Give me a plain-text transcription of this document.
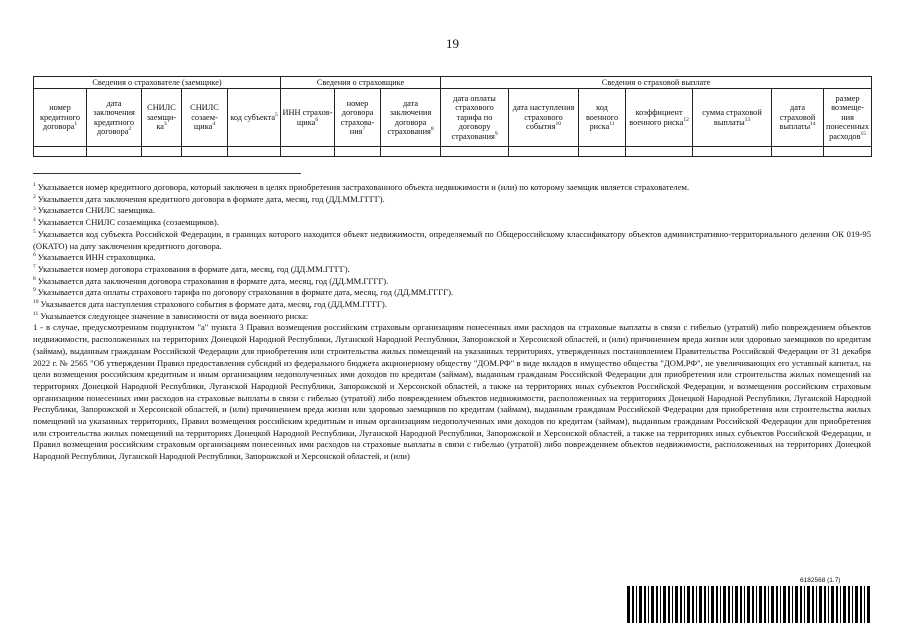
19
Сведения о страхователе (заемщике)					Сведения о страховщике			Сведения о страховой выплате						
номер кредитного договора$^1$	дата заключения кредитного договора$^2$	СНИЛС заемщи-$ка^3$	СНИЛС созаем-щика$^4$	код субъекта$^5$	ИНН страхов-щика$^6$	номер договора страхова-ния$^7$	дата заключения договора страхования$^8$	дата оплаты страхового тарифа по договору страхования$^9$	дата наступления страхового события$^{10}$	код военного риска$^{11}$	коэффициент военного риска$^{12}$	сумма страховой выплаты$^{13}$	дата страховой выплаты$^{14}$	размер возмеще-ния понесенных расходов$^{15}$

$^1$ Указывается номер кредитного договора, который заключен в целях приобретения застрахованного объекта недвижимости и (или) по которому заемщик является страхователем.

$^2$ Указывается дата заключения кредитного договора в формате дата, месяц, год (ДД.ММ.ГГГГ).

$^3$ Указывается СНИЛС заемщика.

$^4$ Указывается СНИЛС созаемщика (созаемщиков).

$^5$ Указывается код субъекта Российской Федерации, в границах которого находится объект недвижимости, определяемый по Общероссийскому классификатору объектов административно-территориального деления ОК 019-95 (ОКАТО) на дату заключения кредитного договора.

$^6$ Указывается ИНН страховщика.

$^7$ Указывается номер договора страхования в формате дата, месяц, год (ДД.ММ.ГГГГ).

$^8$ Указывается дата заключения договора страхования в формате дата, месяц, год (ДД.ММ.ГГГГ).

$^9$ Указывается дата оплаты страхового тарифа по договору страхования в формате дата, месяц, год (ДД.ММ.ГГГГ).

$^{10}$ Указывается дата наступления страхового события в формате дата, месяц, год (ДД.ММ.ГГГГ).

$^{11}$ Указывается следующее значение в зависимости от вида военного риска:

1 - в случае, предусмотренном подпунктом "а" пункта 3 Правил возмещения российским страховым организациям понесенных ими расходов на страховые выплаты в связи с гибелью (утратой) либо повреждением объектов недвижимости, расположенных на территориях Донецкой Народной Республики, Луганской Народной Республики, Запорожской и Херсонской областей, и (или) причинением вреда жизни или здоровью заемщиков по кредитам (займам), выданным гражданам Российской Федерации для приобретения или строительства жилых помещений на указанных территориях, утвержденных постановлением Правительства Российской Федерации от 31 декабря 2022 г. № 2565 "Об утверждении Правил предоставления субсидий из федерального бюджета акционерному обществу "ДОМ.РФ" в виде вкладов в имущество общества "ДОМ.РФ", не увеличивающих его уставный капитал, на цели возмещения российским кредитным и иным организациям недополученных ими доходов по кредитам (займам), выданным гражданам Российской Федерации для приобретения или строительства жилых помещений на территориях Донецкой Народной Республики, Луганской Народной Республики, Запорожской и Херсонской областей, а также на территориях иных субъектов Российской Федерации, и возмещения российским страховым организациям понесенных ими расходов на страховые выплаты в связи с гибелью (утратой) либо повреждением объектов недвижимости, расположенных на территориях Донецкой Народной Республики, Луганской Народной Республики, Запорожской и Херсонской областей, и (или) причинением вреда жизни или здоровью заемщиков по кредитам (займам), выданным гражданам Российской Федерации для приобретения или строительства жилых помещений на указанных территориях, Правил возмещения российским кредитным и иным организациям недополученных ими доходов по кредитам (займам), выданным гражданам Российской Федерации для приобретения или строительства жилых помещений на территориях Донецкой Народной Республики, Луганской Народной Республики, Запорожской и Херсонской областей, а также на территориях иных субъектов Российской Федерации, и Правил возмещения российским страховым организациям понесенных ими расходов на страховые выплаты в связи с гибелью (утратой) либо повреждением объектов недвижимости, расположенных на территориях Донецкой Народной Республики, Луганской Народной Республики, Запорожской и Херсонской областей, и (или)

6182568 (1.7)
